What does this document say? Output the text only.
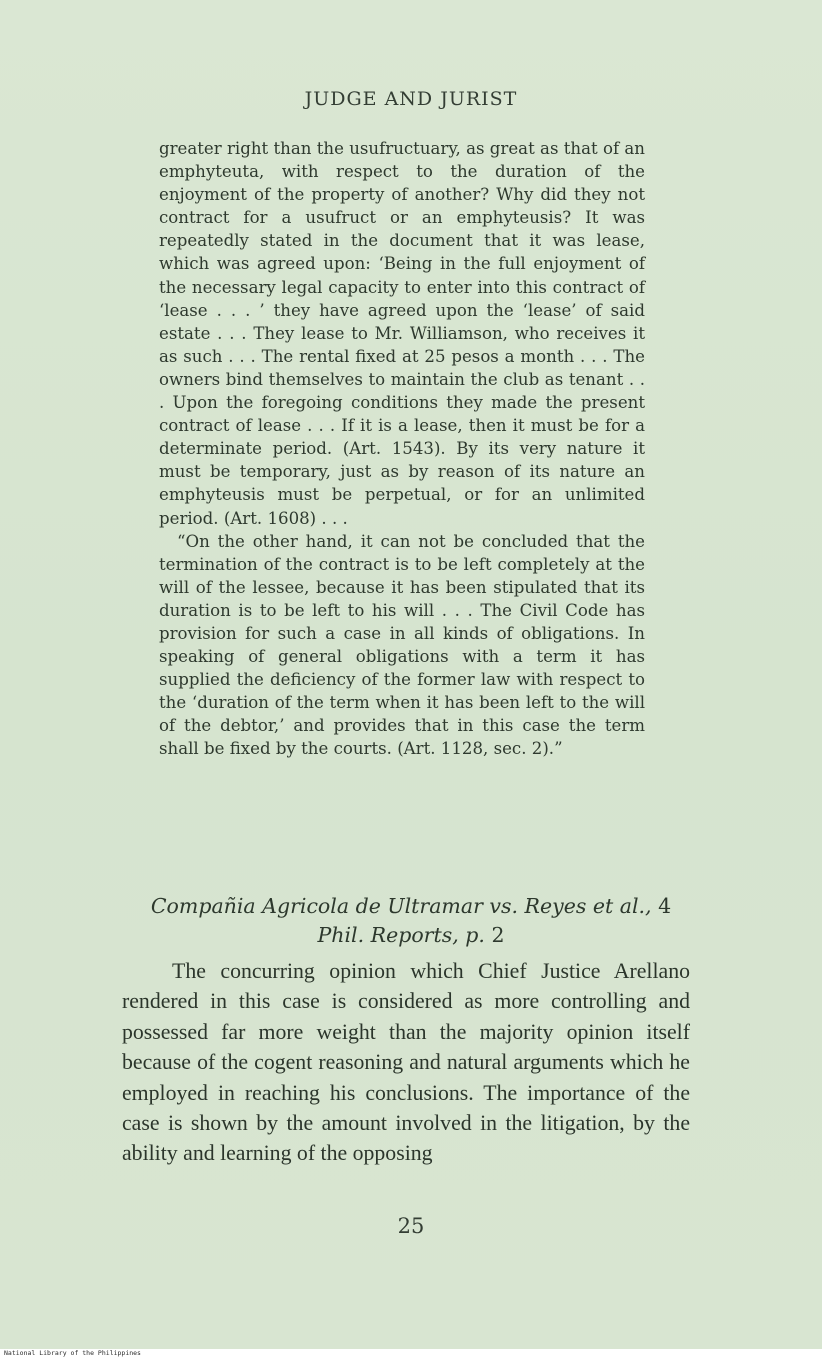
JUDGE AND JURIST

greater right than the usufructuary, as great as that of an emphyteuta, with respect to the duration of the enjoyment of the property of another? Why did they not contract for a usufruct or an emphyteusis? It was repeatedly stated in the document that it was lease, which was agreed upon: ‘Being in the full enjoyment of the necessary legal capacity to enter into this contract of ‘lease . . . ’ they have agreed upon the ‘lease’ of said estate . . . They lease to Mr. Williamson, who receives it as such . . . The rental fixed at 25 pesos a month . . . The owners bind themselves to maintain the club as tenant . . . Upon the foregoing conditions they made the present contract of lease . . . If it is a lease, then it must be for a determinate period. (Art. 1543). By its very nature it must be temporary, just as by reason of its nature an emphyteusis must be perpetual, or for an unlimited period. (Art. 1608) . . .

“On the other hand, it can not be concluded that the termination of the contract is to be left completely at the will of the lessee, because it has been stipulated that its duration is to be left to his will . . . The Civil Code has provision for such a case in all kinds of obligations. In speaking of general obligations with a term it has supplied the deficiency of the former law with respect to the ‘duration of the term when it has been left to the will of the debtor,’ and provides that in this case the term shall be fixed by the courts. (Art. 1128, sec. 2).”

Compañia Agricola de Ultramar vs. Reyes et al., 4 Phil. Reports, p. 2

The concurring opinion which Chief Justice Arellano rendered in this case is considered as more controlling and possessed far more weight than the majority opinion itself because of the cogent reasoning and natural arguments which he employed in reaching his conclusions. The importance of the case is shown by the amount involved in the litigation, by the ability and learning of the opposing

25
National Library of the Philippines
